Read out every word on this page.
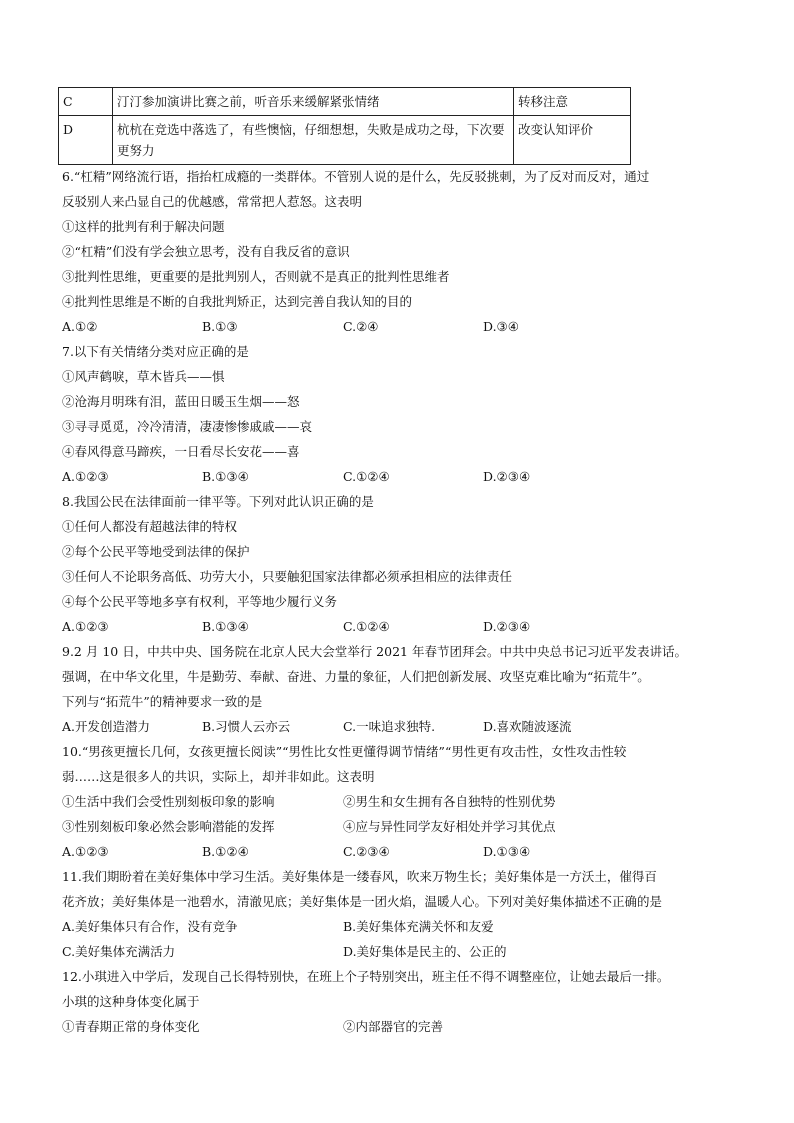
C	汀汀参加演讲比赛之前，听音乐来缓解紧张情绪	转移注意
D	杭杭在竞选中落选了，有些懊恼，仔细想想，失败是成功之母，下次要更努力	改变认知评价
6.“杠精”网络流行语，指抬杠成瘾的一类群体。不管别人说的是什么，先反驳挑刺，为了反对而反对，通过
反驳别人来凸显自己的优越感，常常把人惹怒。这表明
①这样的批判有利于解决问题
②“杠精”们没有学会独立思考，没有自我反省的意识
③批判性思维，更重要的是批判别人，否则就不是真正的批判性思维者
④批判性思维是不断的自我批判矫正，达到完善自我认知的目的
A.①②	B.①③	C.②④	D.③④
7.以下有关情绪分类对应正确的是
①风声鹤唳，草木皆兵——惧
②沧海月明珠有泪，蓝田日暖玉生烟——怒
③寻寻觅觅，冷冷清清，凄凄惨惨戚戚——哀
④春风得意马蹄疾，一日看尽长安花——喜
A.①②③	B.①③④	C.①②④	D.②③④
8.我国公民在法律面前一律平等。下列对此认识正确的是
①任何人都没有超越法律的特权
②每个公民平等地受到法律的保护
③任何人不论职务高低、功劳大小，只要触犯国家法律都必须承担相应的法律责任
④每个公民平等地多享有权利，平等地少履行义务
A.①②③	B.①③④	C.①②④	D.②③④
9.2 月 10 日，中共中央、国务院在北京人民大会堂举行 2021 年春节团拜会。中共中央总书记习近平发表讲话。
强调，在中华文化里，牛是勤劳、奉献、奋进、力量的象征，人们把创新发展、攻坚克难比喻为“拓荒牛”。
下列与“拓荒牛”的精神要求一致的是
A.开发创造潜力	B.习惯人云亦云	C.一味追求独特.	D.喜欢随波逐流
10.“男孩更擅长几何，女孩更擅长阅读”“男性比女性更懂得调节情绪”“男性更有攻击性，女性攻击性较
弱……这是很多人的共识，实际上，却并非如此。这表明
①生活中我们会受性别刻板印象的影响	②男生和女生拥有各自独特的性别优势
③性别刻板印象必然会影响潜能的发挥	④应与异性同学友好相处并学习其优点
A.①②③	B.①②④	C.②③④	D.①③④
11.我们期盼着在美好集体中学习生活。美好集体是一缕春风，吹来万物生长；美好集体是一方沃土，催得百
花齐放；美好集体是一池碧水，清澈见底；美好集体是一团火焰，温暖人心。下列对美好集体描述不正确的是
A.美好集体只有合作，没有竞争	B.美好集体充满关怀和友爱
C.美好集体充满活力	D.美好集体是民主的、公正的
12.小琪进入中学后，发现自己长得特别快，在班上个子特别突出，班主任不得不调整座位，让她去最后一排。
小琪的这种身体变化属于
①青春期正常的身体变化	②内部器官的完善
